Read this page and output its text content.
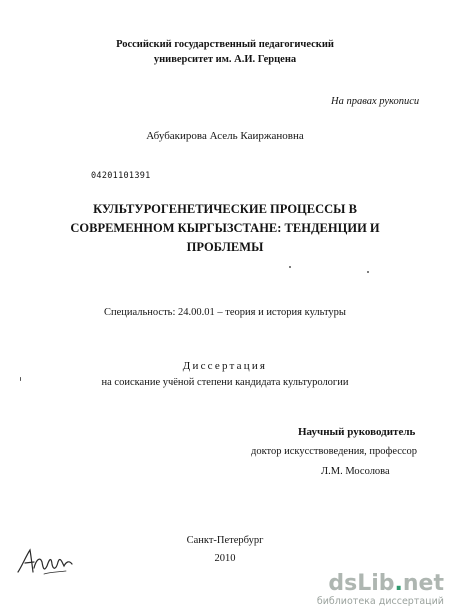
Российский государственный педагогический
университет им. А.И. Герцена
На правах рукописи
Абубакирова Асель Каиржановна
04201101391
КУЛЬТУРОГЕНЕТИЧЕСКИЕ ПРОЦЕССЫ В
СОВРЕМЕННОМ КЫРГЫЗСТАНЕ: ТЕНДЕНЦИИ И
ПРОБЛЕМЫ
Специальность: 24.00.01 – теория и история культуры
Диссертация
на соискание учёной степени кандидата культурологии
Научный руководитель
доктор искусствоведения, профессор
Л.М. Мосолова
Санкт-Петербург
2010
dsLib.net
библиотека диссертаций
